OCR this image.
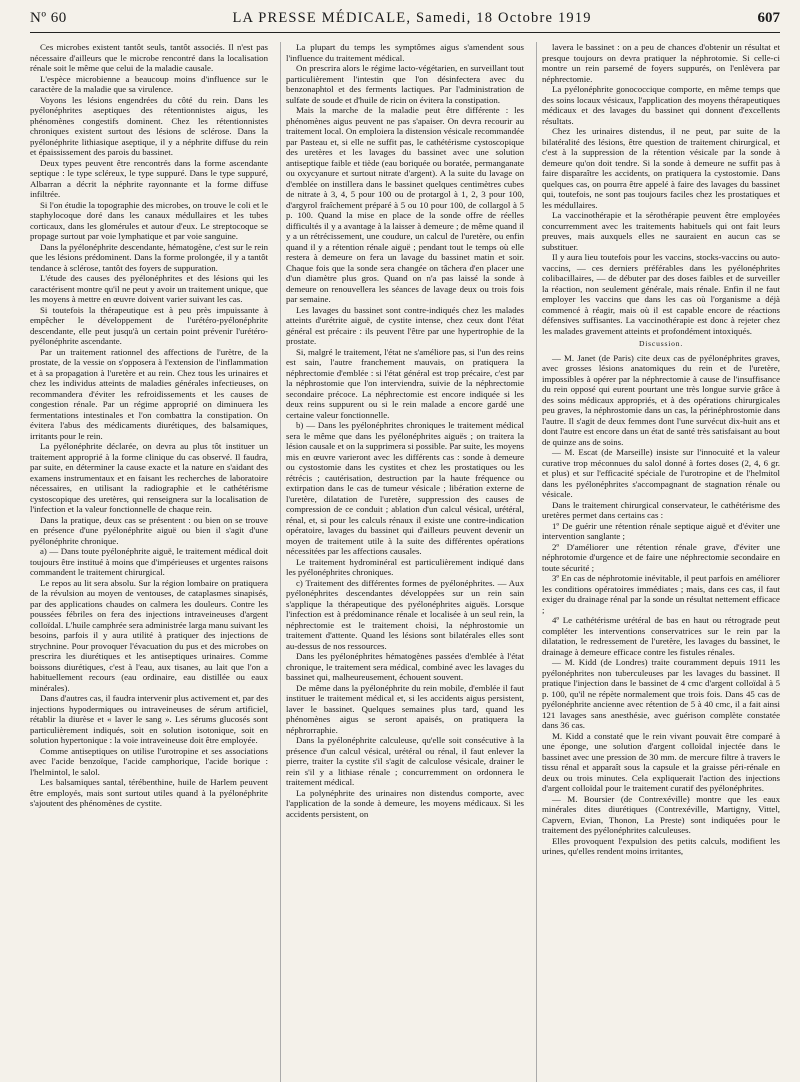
Nº 60	LA PRESSE MÉDICALE, Samedi, 18 Octobre 1919	607

Ces microbes existent tantôt seuls, tantôt associés. Il n'est pas nécessaire d'ailleurs que le microbe rencontré dans la localisation rénale soit le même que celui de la maladie causale.

L'espèce microbienne a beaucoup moins d'influence sur le caractère de la maladie que sa virulence.

Voyons les lésions engendrées du côté du rein. Dans les pyélonéphrites aseptiques des rétentionnistes aigus, les phénomènes congestifs dominent. Chez les rétentionnistes chroniques existent surtout des lésions de sclérose. Dans la pyélonéphrite lithiasique aseptique, il y a néphrite diffuse du rein et épaississement des parois du bassinet.

Deux types peuvent être rencontrés dans la forme ascendante septique : le type scléreux, le type suppuré. Dans le type suppuré, Albarran a décrit la néphrite rayonnante et la forme diffuse infiltrée.

Si l'on étudie la topographie des microbes, on trouve le coli et le staphylocoque doré dans les canaux médullaires et les tubes corticaux, dans les glomérules et autour d'eux. Le streptocoque se propage surtout par voie lymphatique et par voie sanguine.

Dans la pyélonéphrite descendante, hématogène, c'est sur le rein que les lésions prédominent. Dans la forme prolongée, il y a tantôt tendance à sclérose, tantôt des foyers de suppuration.

L'étude des causes des pyélonéphrites et des lésions qui les caractérisent montre qu'il ne peut y avoir un traitement unique, que les moyens à mettre en œuvre doivent varier suivant les cas.

Si toutefois la thérapeutique est à peu près impuissante à empêcher le développement de l'urétéro-pyélonéphrite descendante, elle peut jusqu'à un certain point prévenir l'urétéro-pyélonéphrite ascendante.

Par un traitement rationnel des affections de l'urètre, de la prostate, de la vessie on s'opposera à l'extension de l'inflammation et à sa propagation à l'uretère et au rein. Chez tous les urinaires et chez les individus atteints de maladies générales infectieuses, on recommandera d'éviter les refroidissements et les causes de congestion rénale. Par un régime approprié on diminuera les fermentations intestinales et l'on combattra la constipation. On évitera l'abus des médicaments diurétiques, des balsamiques, irritants pour le rein.

La pyélonéphrite déclarée, on devra au plus tôt instituer un traitement approprié à la forme clinique du cas observé. Il faudra, par suite, en déterminer la cause exacte et la nature en s'aidant des examens instrumentaux et en faisant les recherches de laboratoire nécessaires, en utilisant la radiographie et le cathétérisme cystoscopique des uretères, qui renseignera sur la localisation de l'infection et la valeur fonctionnelle de chaque rein.

Dans la pratique, deux cas se présentent : ou bien on se trouve en présence d'une pyélonéphrite aiguë ou bien il s'agit d'une pyélonéphrite chronique.

a) — Dans toute pyélonéphrite aiguë, le traitement médical doit toujours être institué à moins que d'impérieuses et urgentes raisons commandent le traitement chirurgical.

Le repos au lit sera absolu. Sur la région lombaire on pratiquera de la révulsion au moyen de ventouses, de cataplasmes sinapisés, par des applications chaudes on calmera les douleurs. Contre les poussées fébriles on fera des injections intraveineuses d'argent colloïdal. L'huile camphrée sera administrée larga manu suivant les besoins, parfois il y aura utilité à pratiquer des injections de strychnine. Pour provoquer l'évacuation du pus et des microbes on prescrira les diurétiques et les antiseptiques urinaires. Comme boissons diurétiques, c'est à l'eau, aux tisanes, au lait que l'on a habituellement recours (eau ordinaire, eau distillée ou eaux minérales).

Dans d'autres cas, il faudra intervenir plus activement et, par des injections hypodermiques ou intraveineuses de sérum artificiel, rétablir la diurèse et « laver le sang ». Les sérums glucosés sont particulièrement indiqués, soit en solution isotonique, soit en solution hypertonique : la voie intraveineuse doit être employée.

Comme antiseptiques on utilise l'urotropine et ses associations avec l'acide benzoïque, l'acide camphorique, l'acide borique : l'helmintol, le salol.

Les balsamiques santal, térébenthine, huile de Harlem peuvent être employés, mais sont surtout utiles quand à la pyélonéphrite s'ajoutent des phénomènes de cystite.

La plupart du temps les symptômes aigus s'amendent sous l'influence du traitement médical.

On prescrira alors le régime lacto-végétarien, en surveillant tout particulièrement l'intestin que l'on désinfectera avec du benzonaphtol et des ferments lactiques. Par l'administration de sulfate de soude et d'huile de ricin on évitera la constipation.

Mais la marche de la maladie peut être différente : les phénomènes aigus peuvent ne pas s'apaiser. On devra recourir au traitement local. On emploiera la distension vésicale recommandée par Pasteau et, si elle ne suffit pas, le cathétérisme cystoscopique des uretères et les lavages du bassinet avec une solution antiseptique faible et tiède (eau boriquée ou boratée, permanganate ou oxycyanure et surtout nitrate d'argent). A la suite du lavage on d'emblée on instillera dans le bassinet quelques centimètres cubes de nitrate à 3, 4, 5 pour 100 ou de protargol à 1, 2, 3 pour 100, d'argyrol fraîchement préparé à 5 ou 10 pour 100, de collargol à 5 p. 100. Quand la mise en place de la sonde offre de réelles difficultés il y a avantage à la laisser à demeure ; de même quand il y a un rétrécissement, une coudure, un calcul de l'uretère, ou enfin quand il y a rétention rénale aiguë ; pendant tout le temps où elle restera à demeure on fera un lavage du bassinet matin et soir. Chaque fois que la sonde sera changée on tâchera d'en placer une d'un diamètre plus gros. Quand on n'a pas laissé la sonde à demeure on renouvellera les séances de lavage deux ou trois fois par semaine.

Les lavages du bassinet sont contre-indiqués chez les malades atteints d'urétrite aiguë, de cystite intense, chez ceux dont l'état général est précaire : ils peuvent l'être par une hypertrophie de la prostate.

Si, malgré le traitement, l'état ne s'améliore pas, si l'un des reins est sain, l'autre franchement mauvais, on pratiquera la néphrectomie d'emblée : si l'état général est trop précaire, c'est par la néphrostomie que l'on interviendra, suivie de la néphrectomie secondaire précoce. La néphrectomie est encore indiquée si les deux reins suppurent ou si le rein malade a encore gardé une certaine valeur fonctionnelle.

b) — Dans les pyélonéphrites chroniques le traitement médical sera le même que dans les pyélonéphrites aiguës ; on traitera la lésion causale et on la supprimera si possible. Par suite, les moyens mis en œuvre varieront avec les différents cas : sonde à demeure ou cystostomie dans les cystites et chez les prostatiques ou les rétrécis ; cautérisation, destruction par la haute fréquence ou extirpation dans le cas de tumeur vésicale ; libération externe de l'uretère, dilatation de l'uretère, suppression des causes de compression de ce conduit ; ablation d'un calcul vésical, urétéral, rénal, et, si pour les calculs rénaux il existe une contre-indication opératoire, lavages du bassinet qui d'ailleurs peuvent devenir un moyen de traitement utile à la suite des différentes opérations nécessitées par les affections causales.

Le traitement hydrominéral est particulièrement indiqué dans les pyélonéphrites chroniques.

c) Traitement des différentes formes de pyélonéphrites. — Aux pyélonéphrites descendantes développées sur un rein sain s'applique la thérapeutique des pyélonéphrites aiguës. Lorsque l'infection est à prédominance rénale et localisée à un seul rein, la néphrectomie est le traitement choisi, la néphrostomie un traitement d'attente. Quand les lésions sont bilatérales elles sont au-dessus de nos ressources.

Dans les pyélonéphrites hématogènes passées d'emblée à l'état chronique, le traitement sera médical, combiné avec les lavages du bassinet qui, malheureusement, échouent souvent.

De même dans la pyélonéphrite du rein mobile, d'emblée il faut instituer le traitement médical et, si les accidents aigus persistent, laver le bassinet. Quelques semaines plus tard, quand les phénomènes aigus se seront apaisés, on pratiquera la néphrorraphie.

Dans la pyélonéphrite calculeuse, qu'elle soit consécutive à la présence d'un calcul vésical, urétéral ou rénal, il faut enlever la pierre, traiter la cystite s'il s'agit de calculose vésicale, drainer le rein s'il y a lithiase rénale ; concurremment on ordonnera le traitement médical.

La polynéphrite des urinaires non distendus comporte, avec l'application de la sonde à demeure, les moyens médicaux. Si les accidents persistent, on

lavera le bassinet : on a peu de chances d'obtenir un résultat et presque toujours on devra pratiquer la néphrotomie. Si celle-ci montre un rein parsemé de foyers suppurés, on l'enlèvera par néphrectomie.

La pyélonéphrite gonococcique comporte, en même temps que des soins locaux vésicaux, l'application des moyens thérapeutiques médicaux et des lavages du bassinet qui donnent d'excellents résultats.

Chez les urinaires distendus, il ne peut, par suite de la bilatéralité des lésions, être question de traitement chirurgical, et c'est à la suppression de la rétention vésicale par la sonde à demeure qu'on doit tendre. Si la sonde à demeure ne suffit pas à faire disparaître les accidents, on pratiquera la cystostomie. Dans quelques cas, on pourra être appelé à faire des lavages du bassinet qui, toutefois, ne sont pas toujours faciles chez les prostatiques et les médullaires.

La vaccinothérapie et la sérothérapie peuvent être employées concurremment avec les traitements habituels qui ont fait leurs preuves, mais auxquels elles ne sauraient en aucun cas se substituer.

Il y aura lieu toutefois pour les vaccins, stocks-vaccins ou auto-vaccins, — ces derniers préférables dans les pyélonéphrites colibacillaires, — de débuter par des doses faibles et de surveiller la réaction, non seulement générale, mais rénale. Enfin il ne faut employer les vaccins que dans les cas où l'organisme a déjà commencé à réagir, mais où il est capable encore de réactions défensives suffisantes. La vaccinothérapie est donc à rejeter chez les malades gravement atteints et profondément intoxiqués.

Discussion.

— M. Janet (de Paris) cite deux cas de pyélonéphrites graves, avec grosses lésions anatomiques du rein et de l'uretère, impossibles à opérer par la néphrectomie à cause de l'insuffisance du rein opposé qui eurent pourtant une très longue survie grâce à des soins médicaux appropriés, et à des opérations chirurgicales peu graves, la néphrostomie dans un cas, la périnéphrostomie dans l'autre. Il s'agit de deux femmes dont l'une survécut dix-huit ans et dont l'autre est encore dans un état de santé très satisfaisant au bout de quinze ans de soins.

— M. Escat (de Marseille) insiste sur l'innocuité et la valeur curative trop méconnues du salol donné à fortes doses (2, 4, 6 gr. et plus) et sur l'efficacité spéciale de l'urotropine et de l'helmitol dans les pyélonéphrites s'accompagnant de stagnation rénale ou vésicale.

Dans le traitement chirurgical conservateur, le cathétérisme des uretères permet dans certains cas :

1º De guérir une rétention rénale septique aiguë et d'éviter une intervention sanglante ;

2º D'améliorer une rétention rénale grave, d'éviter une néphrotomie d'urgence et de faire une néphrectomie secondaire en toute sécurité ;

3º En cas de néphrotomie inévitable, il peut parfois en améliorer les conditions opératoires immédiates ; mais, dans ces cas, il faut exiger du drainage rénal par la sonde un résultat nettement efficace ;

4º Le cathétérisme urétéral de bas en haut ou rétrograde peut compléter les interventions conservatrices sur le rein par la dilatation, le redressement de l'uretère, les lavages du bassinet, le drainage à demeure efficace contre les fistules rénales.

— M. Kidd (de Londres) traite couramment depuis 1911 les pyélonéphrites non tuberculeuses par les lavages du bassinet. Il pratique l'injection dans le bassinet de 4 cmc d'argent colloïdal à 5 p. 100, qu'il ne répète normalement que trois fois. Dans 45 cas de pyélonéphrite ancienne avec rétention de 5 à 40 cmc, il a fait ainsi 121 lavages sans anesthésie, avec guérison complète constatée dans 36 cas.

M. Kidd a constaté que le rein vivant pouvait être comparé à une éponge, une solution d'argent colloïdal injectée dans le bassinet avec une pression de 30 mm. de mercure filtre à travers le tissu rénal et apparaît sous la capsule et la graisse péri-rénale en deux ou trois minutes. Cela expliquerait l'action des injections d'argent colloïdal pour le traitement curatif des pyélonéphrites.

— M. Boursier (de Contrexéville) montre que les eaux minérales dites diurétiques (Contrexéville, Martigny, Vittel, Capvern, Evian, Thonon, La Preste) sont indiquées pour le traitement des pyélonéphrites calculeuses.

Elles provoquent l'expulsion des petits calculs, modifient les urines, qu'elles rendent moins irritantes,
